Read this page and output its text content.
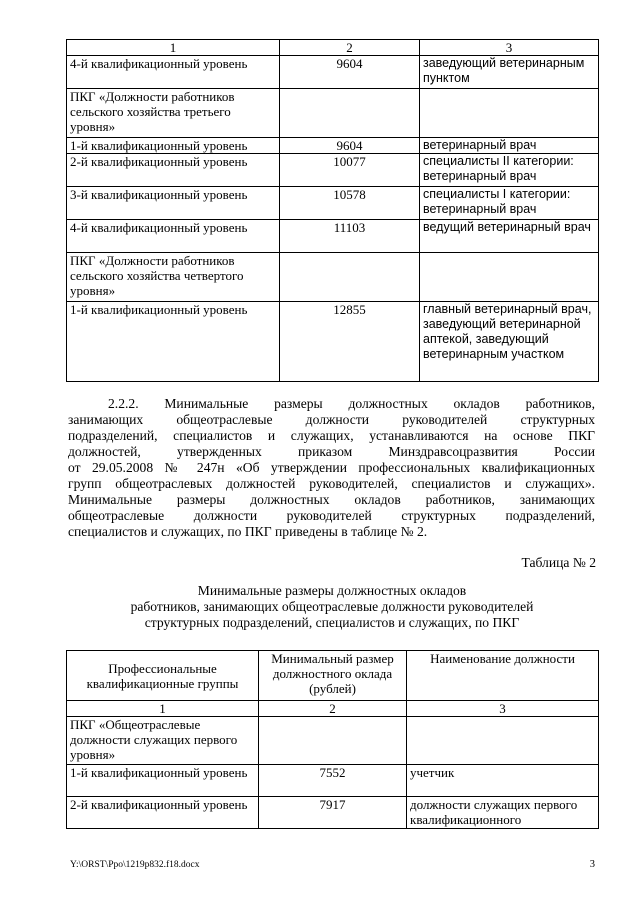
1	2	3
4-й квалификационный уровень	9604	заведующий ветеринарным пунктом
ПКГ «Должности работников сельского хозяйства третьего уровня»		
1-й квалификационный уровень	9604	ветеринарный врач
2-й квалификационный уровень	10077	специалисты II категории: ветеринарный врач
3-й квалификационный уровень	10578	специалисты I категории: ветеринарный врач
4-й квалификационный уровень	11103	ведущий ветеринарный врач
ПКГ «Должности работников сельского хозяйства четвертого уровня»		
1-й квалификационный уровень	12855	главный ветеринарный врач, заведующий ветеринарной аптекой, заведующий ветеринарным участком
2.2.2. Минимальные размеры должностных окладов работников,
занимающих общеотраслевые должности руководителей структурных
подразделений, специалистов и служащих, устанавливаются на основе ПКГ
должностей, утвержденных приказом Минздравсоцразвития России
от 29.05.2008 № 247н «Об утверждении профессиональных квалификационных
групп общеотраслевых должностей руководителей, специалистов и служащих».
Минимальные размеры должностных окладов работников, занимающих
общеотраслевые должности руководителей структурных подразделений,
специалистов и служащих, по ПКГ приведены в таблице № 2.
Таблица № 2
Минимальные размеры должностных окладов
работников, занимающих общеотраслевые должности руководителей
структурных подразделений, специалистов и служащих, по ПКГ
Профессиональные квалификационные группы	Минимальный размер должностного оклада (рублей)	Наименование должности
1	2	3
ПКГ «Общеотраслевые должности служащих первого уровня»		
1-й квалификационный уровень	7552	учетчик
2-й квалификационный уровень	7917	должности служащих первого квалификационного
Y:\ORST\Ppo\1219p832.f18.docx	3
